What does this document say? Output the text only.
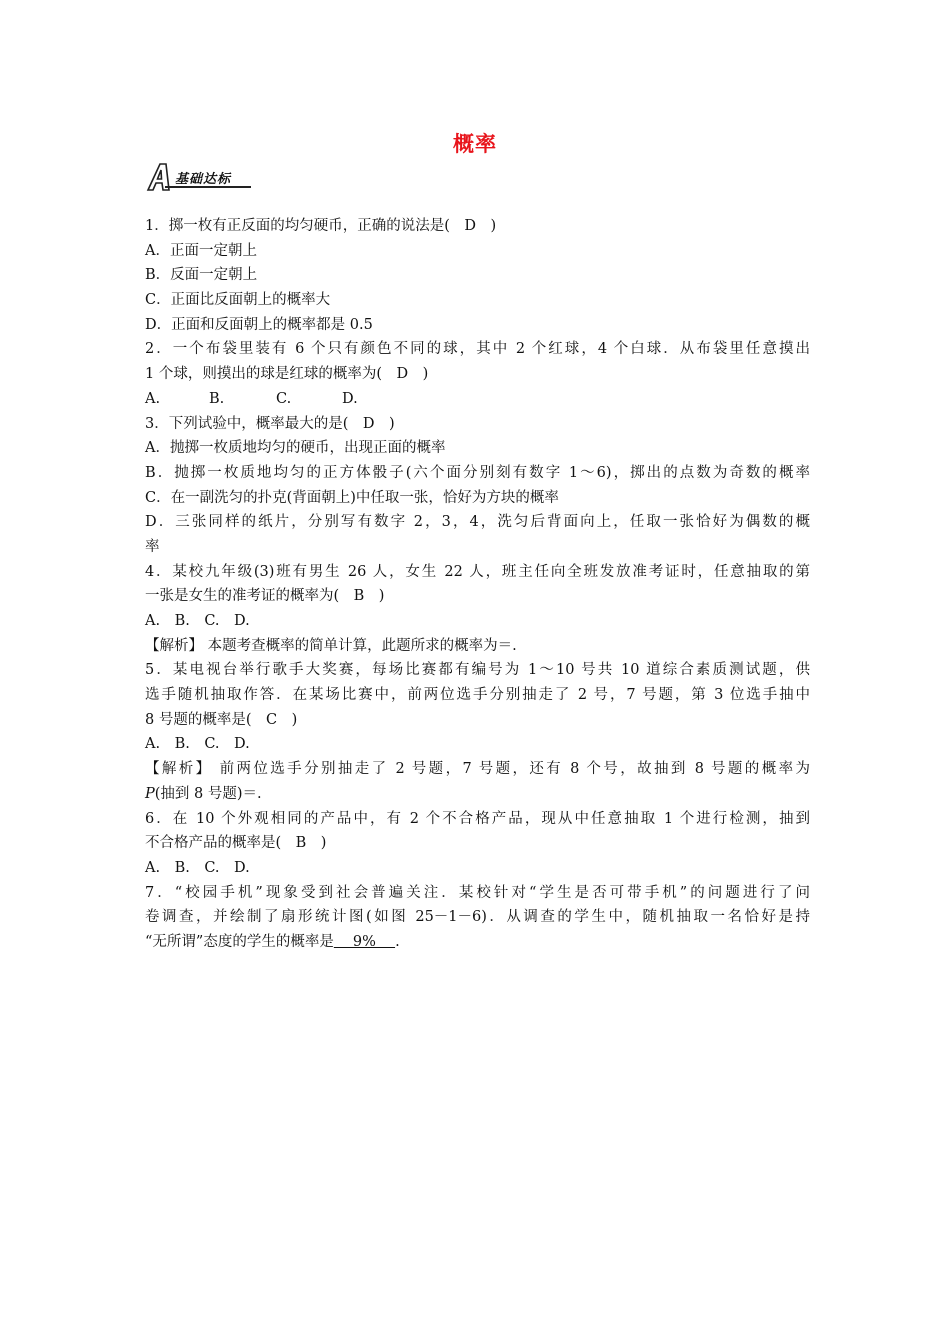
概率
基础达标
1．掷一枚有正反面的均匀硬币，正确的说法是(　D　)
A．正面一定朝上
B．反面一定朝上
C．正面比反面朝上的概率大
D．正面和反面朝上的概率都是 0.5
2．一个布袋里装有 6 个只有颜色不同的球，其中 2 个红球，4 个白球．从布袋里任意摸出
1 个球，则摸出的球是红球的概率为(　D　)
A.	B.	C.	D.
3．下列试验中，概率最大的是(　D　)
A．抛掷一枚质地均匀的硬币，出现正面的概率
B．抛掷一枚质地均匀的正方体骰子(六个面分别刻有数字 1～6)，掷出的点数为奇数的概率
C．在一副洗匀的扑克(背面朝上)中任取一张，恰好为方块的概率
D．三张同样的纸片，分别写有数字 2，3，4，洗匀后背面向上，任取一张恰好为偶数的概
率
4．某校九年级(3)班有男生 26 人，女生 22 人，班主任向全班发放准考证时，任意抽取的第
一张是女生的准考证的概率为(　B　)
A.　B.　C.　D.
【解析】 本题考查概率的简单计算，此题所求的概率为＝.
5．某电视台举行歌手大奖赛，每场比赛都有编号为 1～10 号共 10 道综合素质测试题，供
选手随机抽取作答．在某场比赛中，前两位选手分别抽走了 2 号，7 号题，第 3 位选手抽中
8 号题的概率是(　C　)
A.　B.　C.　D.
【解析】 前两位选手分别抽走了 2 号题，7 号题，还有 8 个号，故抽到 8 号题的概率为
P(抽到 8 号题)＝.
6．在 10 个外观相同的产品中，有 2 个不合格产品，现从中任意抽取 1 个进行检测，抽到
不合格产品的概率是(　B　)
A.　B.　C.　D.
7．“校园手机”现象受到社会普遍关注．某校针对“学生是否可带手机”的问题进行了问
卷调查，并绘制了扇形统计图(如图 25－1－6)．从调查的学生中，随机抽取一名恰好是持
“无所谓”态度的学生的概率是　 9%　 .
